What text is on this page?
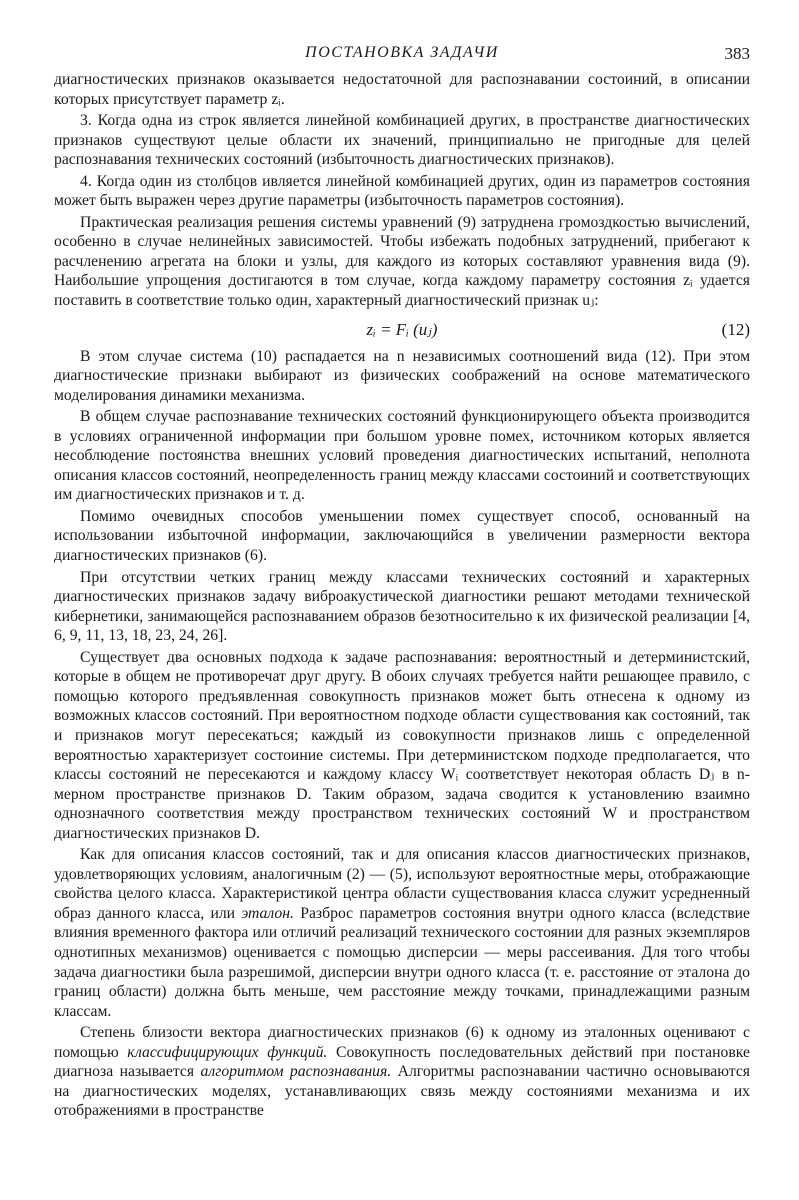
ПОСТАНОВКА ЗАДАЧИ	383

диагностических признаков оказывается недостаточной для распознавании состоиний, в описании которых присутствует параметр zᵢ.

3. Когда одна из строк является линейной комбинацией других, в пространстве диагностических признаков существуют целые области их значений, принципиально не пригодные для целей распознавания технических состояний (избыточность диагностических признаков).

4. Когда один из столбцов ивляется линейной комбинацией других, один из параметров состояния может быть выражен через другие параметры (избыточность параметров состояния).

Практическая реализация решения системы уравнений (9) затруднена громоздкостью вычислений, особенно в случае нелинейных зависимостей. Чтобы избежать подобных затруднений, прибегают к расчленению агрегата на блоки и узлы, для каждого из которых составляют уравнения вида (9). Наибольшие упрощения достигаются в том случае, когда каждому параметру состояния zᵢ удается поставить в соответствие только один, характерный диагностический признак uⱼ:

zᵢ = Fᵢ (uⱼ)	(12)

В этом случае система (10) распадается на n независимых соотношений вида (12). При этом диагностические признаки выбирают из физических соображений на основе математического моделирования динамики механизма.

В общем случае распознавание технических состояний функционирующего объекта производится в условиях ограниченной информации при большом уровне помех, источником которых является несоблюдение постоянства внешних условий проведения диагностических испытаний, неполнота описания классов состояний, неопределенность границ между классами состоиний и соответствующих им диагностических признаков и т. д.

Помимо очевидных способов уменьшении помех существует способ, основанный на использовании избыточной информации, заключающийся в увеличении размерности вектора диагностических признаков (6).

При отсутствии четких границ между классами технических состояний и характерных диагностических признаков задачу виброакустической диагностики решают методами технической кибернетики, занимающейся распознаванием образов безотносительно к их физической реализации [4, 6, 9, 11, 13, 18, 23, 24, 26].

Существует два основных подхода к задаче распознавания: вероятностный и детерминистский, которые в общем не противоречат друг другу. В обоих случаях требуется найти решающее правило, с помощью которого предъявленная совокупность признаков может быть отнесена к одному из возможных классов состояний. При вероятностном подходе области существования как состояний, так и признаков могут пересекаться; каждый из совокупности признаков лишь с определенной вероятностью характеризует состоиние системы. При детерминистском подходе предполагается, что классы состояний не пересекаются и каждому классу Wᵢ соответствует некоторая область Dⱼ в n-мерном пространстве признаков D. Таким образом, задача сводится к установлению взаимно однозначного соответствия между пространством технических состояний W и пространством диагностических признаков D.

Как для описания классов состояний, так и для описания классов диагностических признаков, удовлетворяющих условиям, аналогичным (2) — (5), используют вероятностные меры, отображающие свойства целого класса. Характеристикой центра области существования класса служит усредненный образ данного класса, или эталон. Разброс параметров состояния внутри одного класса (вследствие влияния временного фактора или отличий реализаций технического состоянии для разных экземпляров однотипных механизмов) оценивается с помощью дисперсии — меры рассеивания. Для того чтобы задача диагностики была разрешимой, дисперсии внутри одного класса (т. е. расстояние от эталона до границ области) должна быть меньше, чем расстояние между точками, принадлежащими разным классам.

Степень близости вектора диагностических признаков (6) к одному из эталонных оценивают с помощью классифицирующих функций. Совокупность последовательных действий при постановке диагноза называется алгоритмом распознавания. Алгоритмы распознавании частично основываются на диагностических моделях, устанавливающих связь между состояниями механизма и их отображениями в пространстве
